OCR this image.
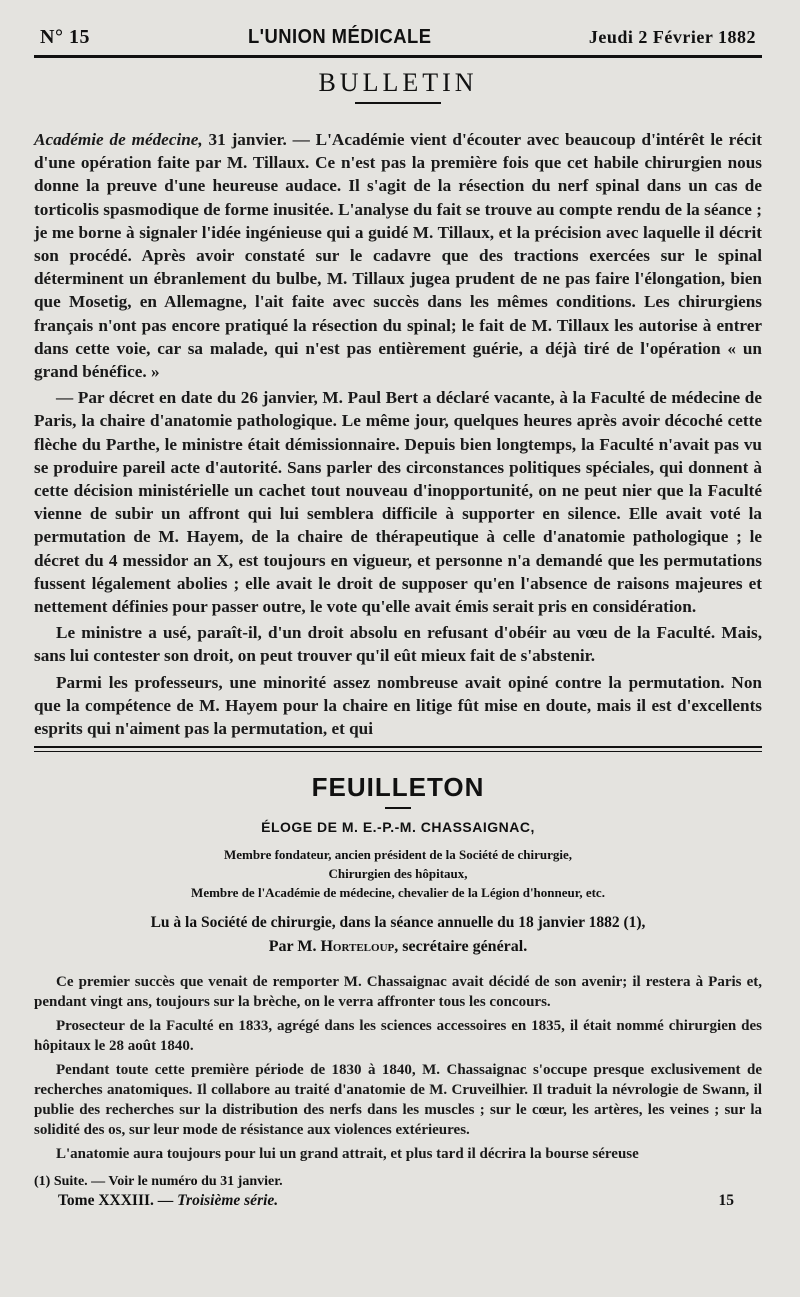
N° 15	L'UNION MÉDICALE	Jeudi 2 Février 1882
BULLETIN

Académie de médecine, 31 janvier. — L'Académie vient d'écouter avec beaucoup d'intérêt le récit d'une opération faite par M. Tillaux. Ce n'est pas la première fois que cet habile chirurgien nous donne la preuve d'une heureuse audace. Il s'agit de la résection du nerf spinal dans un cas de torticolis spasmodique de forme inusitée. L'analyse du fait se trouve au compte rendu de la séance ; je me borne à signaler l'idée ingénieuse qui a guidé M. Tillaux, et la précision avec laquelle il décrit son procédé. Après avoir constaté sur le cadavre que des tractions exercées sur le spinal déterminent un ébranlement du bulbe, M. Tillaux jugea prudent de ne pas faire l'élongation, bien que Mosetig, en Allemagne, l'ait faite avec succès dans les mêmes conditions. Les chirurgiens français n'ont pas encore pratiqué la résection du spinal; le fait de M. Tillaux les autorise à entrer dans cette voie, car sa malade, qui n'est pas entièrement guérie, a déjà tiré de l'opération « un grand bénéfice. »

— Par décret en date du 26 janvier, M. Paul Bert a déclaré vacante, à la Faculté de médecine de Paris, la chaire d'anatomie pathologique. Le même jour, quelques heures après avoir décoché cette flèche du Parthe, le ministre était démissionnaire. Depuis bien longtemps, la Faculté n'avait pas vu se produire pareil acte d'autorité. Sans parler des circonstances politiques spéciales, qui donnent à cette décision ministérielle un cachet tout nouveau d'inopportunité, on ne peut nier que la Faculté vienne de subir un affront qui lui semblera difficile à supporter en silence. Elle avait voté la permutation de M. Hayem, de la chaire de thérapeutique à celle d'anatomie pathologique ; le décret du 4 messidor an X, est toujours en vigueur, et personne n'a demandé que les permutations fussent légalement abolies ; elle avait le droit de supposer qu'en l'absence de raisons majeures et nettement définies pour passer outre, le vote qu'elle avait émis serait pris en considération.

Le ministre a usé, paraît-il, d'un droit absolu en refusant d'obéir au vœu de la Faculté. Mais, sans lui contester son droit, on peut trouver qu'il eût mieux fait de s'abstenir.

Parmi les professeurs, une minorité assez nombreuse avait opiné contre la permutation. Non que la compétence de M. Hayem pour la chaire en litige fût mise en doute, mais il est d'excellents esprits qui n'aiment pas la permutation, et qui

FEUILLETON
ÉLOGE DE M. E.-P.-M. CHASSAIGNAC,
Membre fondateur, ancien président de la Société de chirurgie,
Chirurgien des hôpitaux,
Membre de l'Académie de médecine, chevalier de la Légion d'honneur, etc.
Lu à la Société de chirurgie, dans la séance annuelle du 18 janvier 1882 (1),
Par M. Horteloup, secrétaire général.

Ce premier succès que venait de remporter M. Chassaignac avait décidé de son avenir; il restera à Paris et, pendant vingt ans, toujours sur la brèche, on le verra affronter tous les concours.

Prosecteur de la Faculté en 1833, agrégé dans les sciences accessoires en 1835, il était nommé chirurgien des hôpitaux le 28 août 1840.

Pendant toute cette première période de 1830 à 1840, M. Chassaignac s'occupe presque exclusivement de recherches anatomiques. Il collabore au traité d'anatomie de M. Cruveilhier. Il traduit la névrologie de Swann, il publie des recherches sur la distribution des nerfs dans les muscles ; sur le cœur, les artères, les veines ; sur la solidité des os, sur leur mode de résistance aux violences extérieures.

L'anatomie aura toujours pour lui un grand attrait, et plus tard il décrira la bourse séreuse

(1) Suite. — Voir le numéro du 31 janvier.
Tome XXXIII. — Troisième série.	15
